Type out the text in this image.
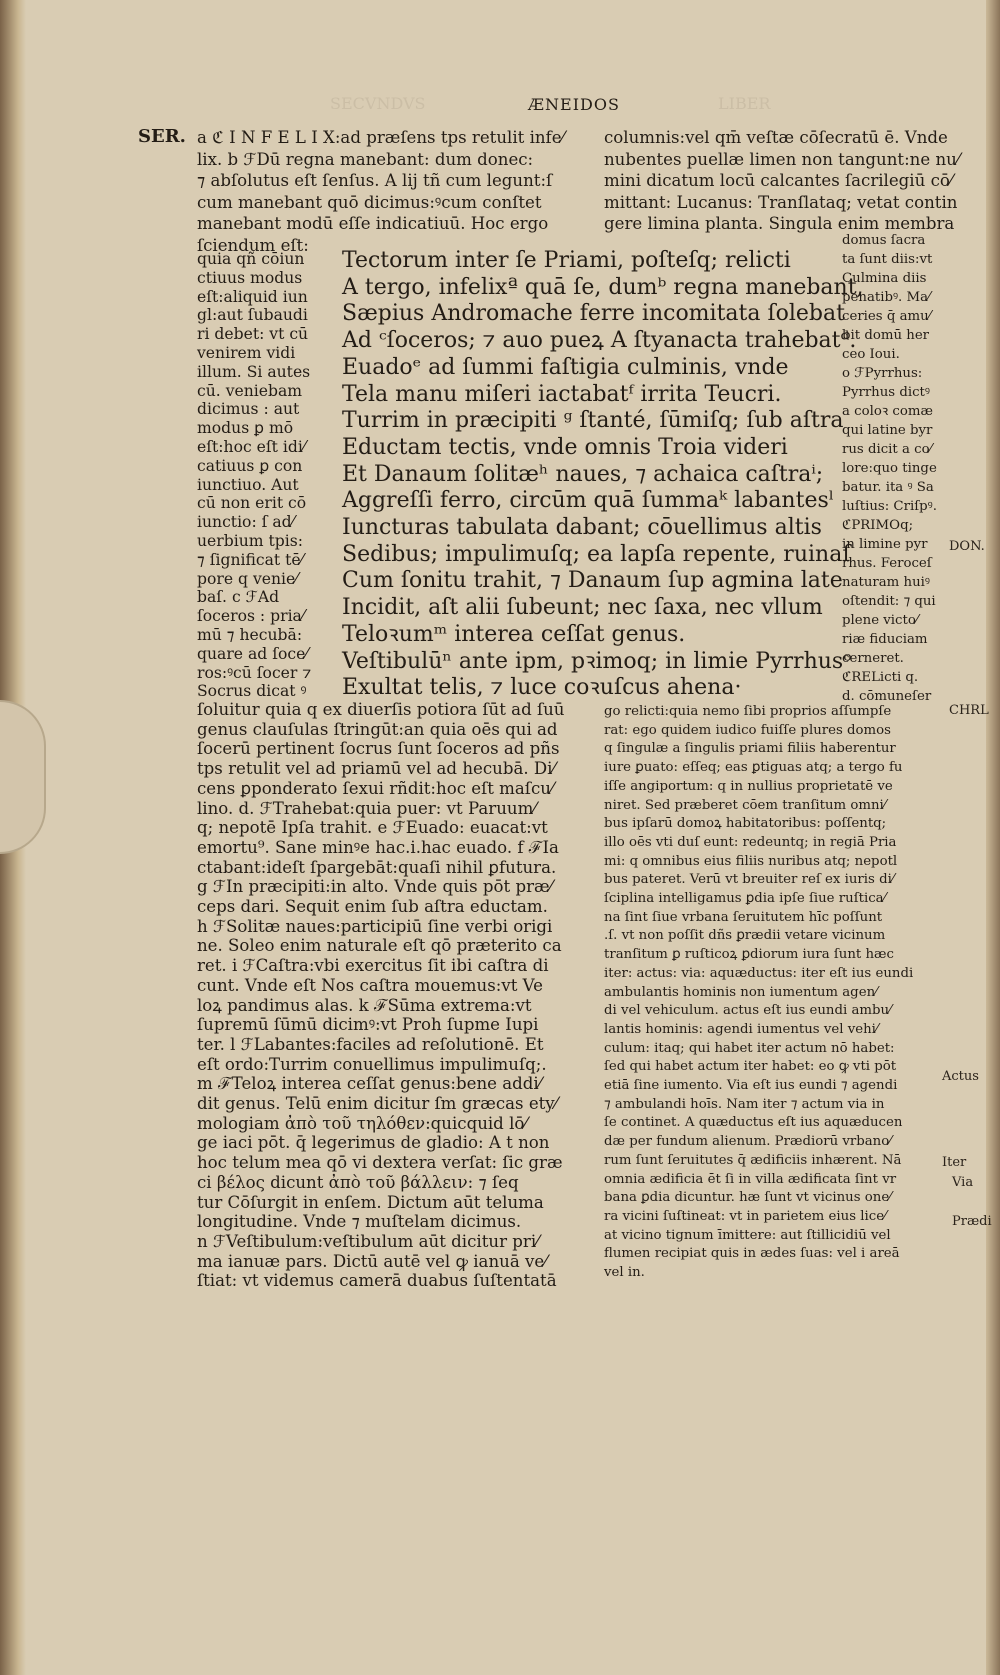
SECVNDVS	LIBER
ÆNEIDOS
SER.
DON.
CHRL
a ℭ I N F E L I X:ad præſens tps retulit infe⁄
lix. b ℱDū regna manebant: dum donec:
⁊ abſolutus eſt ſenſus. A lij tñ cum legunt:ſ
cum manebant quō dicimus:ꝰcum conſtet
manebant modū eſſe indicatiuū. Hoc ergo
ſciendum eſt:
quia qñ cōiun
ctiuus modus
eſt:aliquid iun
gl:aut ſubaudi
ri debet: vt cū
venirem vidi
illum. Si autes
cū. veniebam
dicimus : aut
modus ꝑ mō
eſt:hoc eſt idi⁄
catiuus ꝑ con
iunctiuo. Aut
cū non erit cō
iunctio: ſ ad⁄
uerbium tpis:
⁊ ſignificat tē⁄
pore q venie⁄
baſ. c ℱAd
ſoceros : pria⁄
mū ⁊ hecubā:
quare ad ſoce⁄
ros:ꝰcū ſocer ⁊
Socrus dicat ꝰ
ſoluitur quia q ex diuerſis potiora ſūt ad ſuū
genus clauſulas ſtringūt:an quia oēs qui ad
ſocerū pertinent ſocrus ſunt ſoceros ad pñs
tps retulit vel ad priamū vel ad hecubā. Di⁄
cens ꝑponderato ſexui rñdit:hoc eſt maſcu⁄
lino. d. ℱTrahebat:quia puer: vt Paruum⁄
q; nepotē Ipſa trahit. e ℱEuado: euacat:vt
emortu⁹. Sane minꝰe hac.i.hac euado. f ℱIa
ctabant:ideſt ſpargebāt:quaſi nihil ꝑfutura.
g ℱIn præcipiti:in alto. Vnde quis pōt præ⁄
ceps dari. Sequit enim ſub aſtra eductam.
h ℱSolitæ naues:participiū ſine verbi origi
ne. Soleo enim naturale eſt qō præterito ca
ret. i ℱCaſtra:vbi exercitus ſit ibi caſtra di
cunt. Vnde eſt Nos caſtra mouemus:vt Ve
loꝝ pandimus alas. k ℱSūma extrema:vt
ſupremū ſūmū dicimꝰ:vt Proh ſupme Iupi
ter. l ℱLabantes:faciles ad reſolutionē. Et
eſt ordo:Turrim conuellimus impulimuſq;.
m ℱTeloꝝ interea ceſſat genus:bene addi⁄
dit genus. Telū enim dicitur ſm græcas ety⁄
mologiam ἀπὸ τοῦ τηλόθεν:quicquid lō⁄
ge iaci pōt. q̄ legerimus de gladio: A t non
hoc telum mea qō vi dextera verſat: ſic græ
ci βέλος dicunt ἀπὸ τοῦ βάλλειν: ⁊ ſeq
tur Cōſurgit in enſem. Dictum aūt teluma
longitudine. Vnde ⁊ muſtelam dicimus.
n ℱVeſtibulum:veſtibulum aūt dicitur pri⁄
ma ianuæ pars. Dictū autē vel ꝙ ianuā ve⁄
ſtiat: vt videmus camerā duabus ſuſtentatā
columnis:vel qm̄ veſtæ cōſecratū ē. Vnde
nubentes puellæ limen non tangunt:ne nu⁄
mini dicatum locū calcantes ſacrilegiū cō⁄
mittant: Lucanus: Tranſlataq; vetat contin
gere limina planta. Singula enim membra
domus ſacra
ta ſunt diis:vt
Culmina diis
penatibꝰ. Ma⁄
ceries q̄ amu⁄
bit domū her
ceo Ioui.
o ℱPyrrhus:
Pyrrhus dictꝰ
a coloꝛ comæ
qui latine byr
rus dicit a co⁄
lore:quo tinge
batur. ita ꝰ Sa
luſtius: Criſpꝰ.
ℭPRIMOq;
in limine pyr
rhus. Feroceſ
naturam huiꝰ
oſtendit: ⁊ qui
plene victo⁄
riæ fiduciam
cerneret.
ℭRELicti q.
d. cōmuneſer
go relicti:quia nemo ſibi proprios aſſumpſe
rat: ego quidem iudico fuiſſe plures domos
q ſingulæ a ſingulis priami filiis haberentur
iure ꝑuato: eſſeq; eas ꝑtiguas atq; a tergo fu
iſſe angiportum: q in nullius proprietatē ve
niret. Sed præberet cōem tranſitum omni⁄
bus ipſarū domoꝝ habitatoribus: poſſentq;
illo oēs vti duſ eunt: redeuntq; in regiā Pria
mi: q omnibus eius filiis nuribus atq; nepotl
bus pateret. Verū vt breuiter reſ ex iuris di⁄
ſciplina intelligamus ꝑdia ipſe ſiue ruſtica⁄
na ſint ſiue vrbana ſeruitutem hīc poſſunt
.ſ. vt non poſſit dñs ꝑrædii vetare vicinum
tranſitum ꝑ ruſticoꝝ ꝑdiorum iura ſunt hæc
iter: actus: via: aquæductus: iter eſt ius eundi
ambulantis hominis non iumentum agen⁄
di vel vehiculum. actus eſt ius eundi ambu⁄
lantis hominis: agendi iumentus vel vehi⁄
culum: itaq; qui habet iter actum nō habet:
ſed qui habet actum iter habet: eo ꝙ vti pōt
etiā ſine iumento. Via eſt ius eundi ⁊ agendi
⁊ ambulandi hoīs. Nam iter ⁊ actum via in
ſe continet. A quæductus eſt ius aquæducen
dæ per fundum alienum. Prædiorū vrbano⁄
rum ſunt ſeruitutes q̄ ædificiis inhærent. Nā
omnia ædificia ēt ſi in villa ædificata ſint vr
bana ꝑdia dicuntur. hæ ſunt vt vicinus one⁄
ra vicini ſuſtineat: vt in parietem eius lice⁄
at vicino tignum īmittere: aut ſtillicidiū vel
flumen recipiat quis in ædes ſuas: vel i areā
vel in.
Tectorum inter ſe Priami, poſteſq; relicti
A tergo, infelixª quā ſe, dumᵇ regna manebant,
Sæpius Andromache ferre incomitata ſolebat
Ad ᶜſoceros; ⁊ auo pueꝝ A ſtyanacta trahebatᵈ.
Euadoᵉ ad ſummi faſtigia culminis, vnde
Tela manu miſeri iactabatᶠ irrita Teucri.
Turrim in præcipiti ᵍ ſtanté, ſūmiſq; ſub aſtra
Eductam tectis, vnde omnis Troia videri
Et Danaum ſolitæʰ naues, ⁊ achaica caſtraⁱ;
Aggreſſi ferro, circūm quā ſummaᵏ labantesˡ
Iuncturas tabulata dabant; cōuellimus altis
Sedibus; impulimuſq; ea lapſa repente, ruinaſ
Cum ſonitu trahit, ⁊ Danaum ſup agmina late
Incidit, aſt alii ſubeunt; nec ſaxa, nec vllum
Teloꝛumᵐ interea ceſſat genus.
Veſtibulūⁿ ante ipm, pꝛimoq; in limie Pyrrhusᵒ
Exultat telis, ⁊ luce coꝛuſcus ahena·
Actus
Iter
Via
Prædi
